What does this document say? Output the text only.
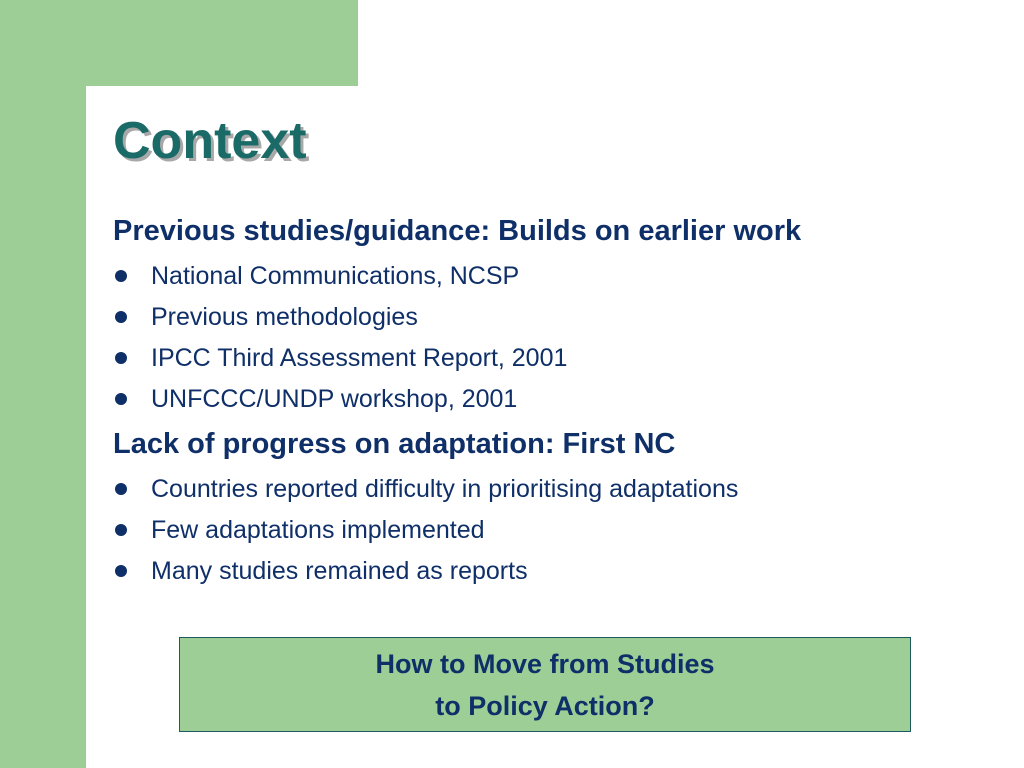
Context
Previous studies/guidance: Builds on earlier work
National Communications, NCSP
Previous methodologies
IPCC Third Assessment Report, 2001
UNFCCC/UNDP workshop, 2001
Lack of progress on adaptation: First NC
Countries reported difficulty in prioritising adaptations
Few adaptations implemented
Many studies remained as reports
How to Move from Studies
to Policy Action?
